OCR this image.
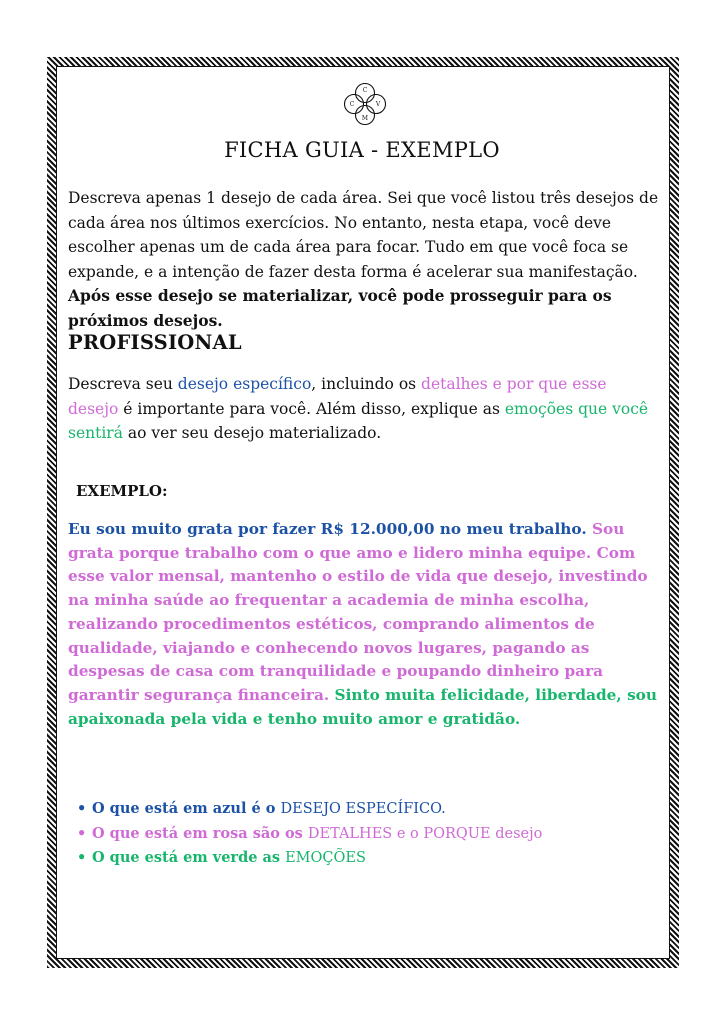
C
C	V
M
FICHA GUIA - EXEMPLO
Descreva apenas 1 desejo de cada área. Sei que você listou três desejos de cada área nos últimos exercícios. No entanto, nesta etapa, você deve escolher apenas um de cada área para focar. Tudo em que você foca se expande, e a intenção de fazer desta forma é acelerar sua manifestação. Após esse desejo se materializar, você pode prosseguir para os próximos desejos.
PROFISSIONAL
Descreva seu desejo específico, incluindo os detalhes e por que esse desejo é importante para você. Além disso, explique as emoções que você sentirá ao ver seu desejo materializado.
EXEMPLO:
Eu sou muito grata por fazer R$ 12.000,00 no meu trabalho. Sou grata porque trabalho com o que amo e lidero minha equipe. Com esse valor mensal, mantenho o estilo de vida que desejo, investindo na minha saúde ao frequentar a academia de minha escolha, realizando procedimentos estéticos, comprando alimentos de qualidade, viajando e conhecendo novos lugares, pagando as despesas de casa com tranquilidade e poupando dinheiro para garantir segurança financeira. Sinto muita felicidade, liberdade, sou apaixonada pela vida e tenho muito amor e gratidão.
• O que está em azul é o DESEJO ESPECÍFICO.
• O que está em rosa são os DETALHES e o PORQUE desejo
• O que está em verde as EMOÇÕES
